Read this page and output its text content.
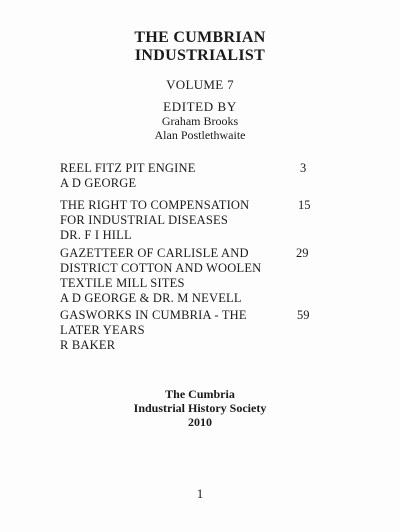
THE CUMBRIAN
INDUSTRIALIST
VOLUME 7
EDITED BY
Graham Brooks
Alan Postlethwaite
REEL FITZ PIT ENGINE
A D GEORGE
3
THE RIGHT TO COMPENSATION
FOR INDUSTRIAL DISEASES
DR. F I HILL
15
GAZETTEER OF CARLISLE AND
DISTRICT COTTON AND WOOLEN
TEXTILE MILL SITES
A D GEORGE & DR. M NEVELL
29
GASWORKS IN CUMBRIA - THE
LATER YEARS
R BAKER
59
The Cumbria
Industrial History Society
2010
1
